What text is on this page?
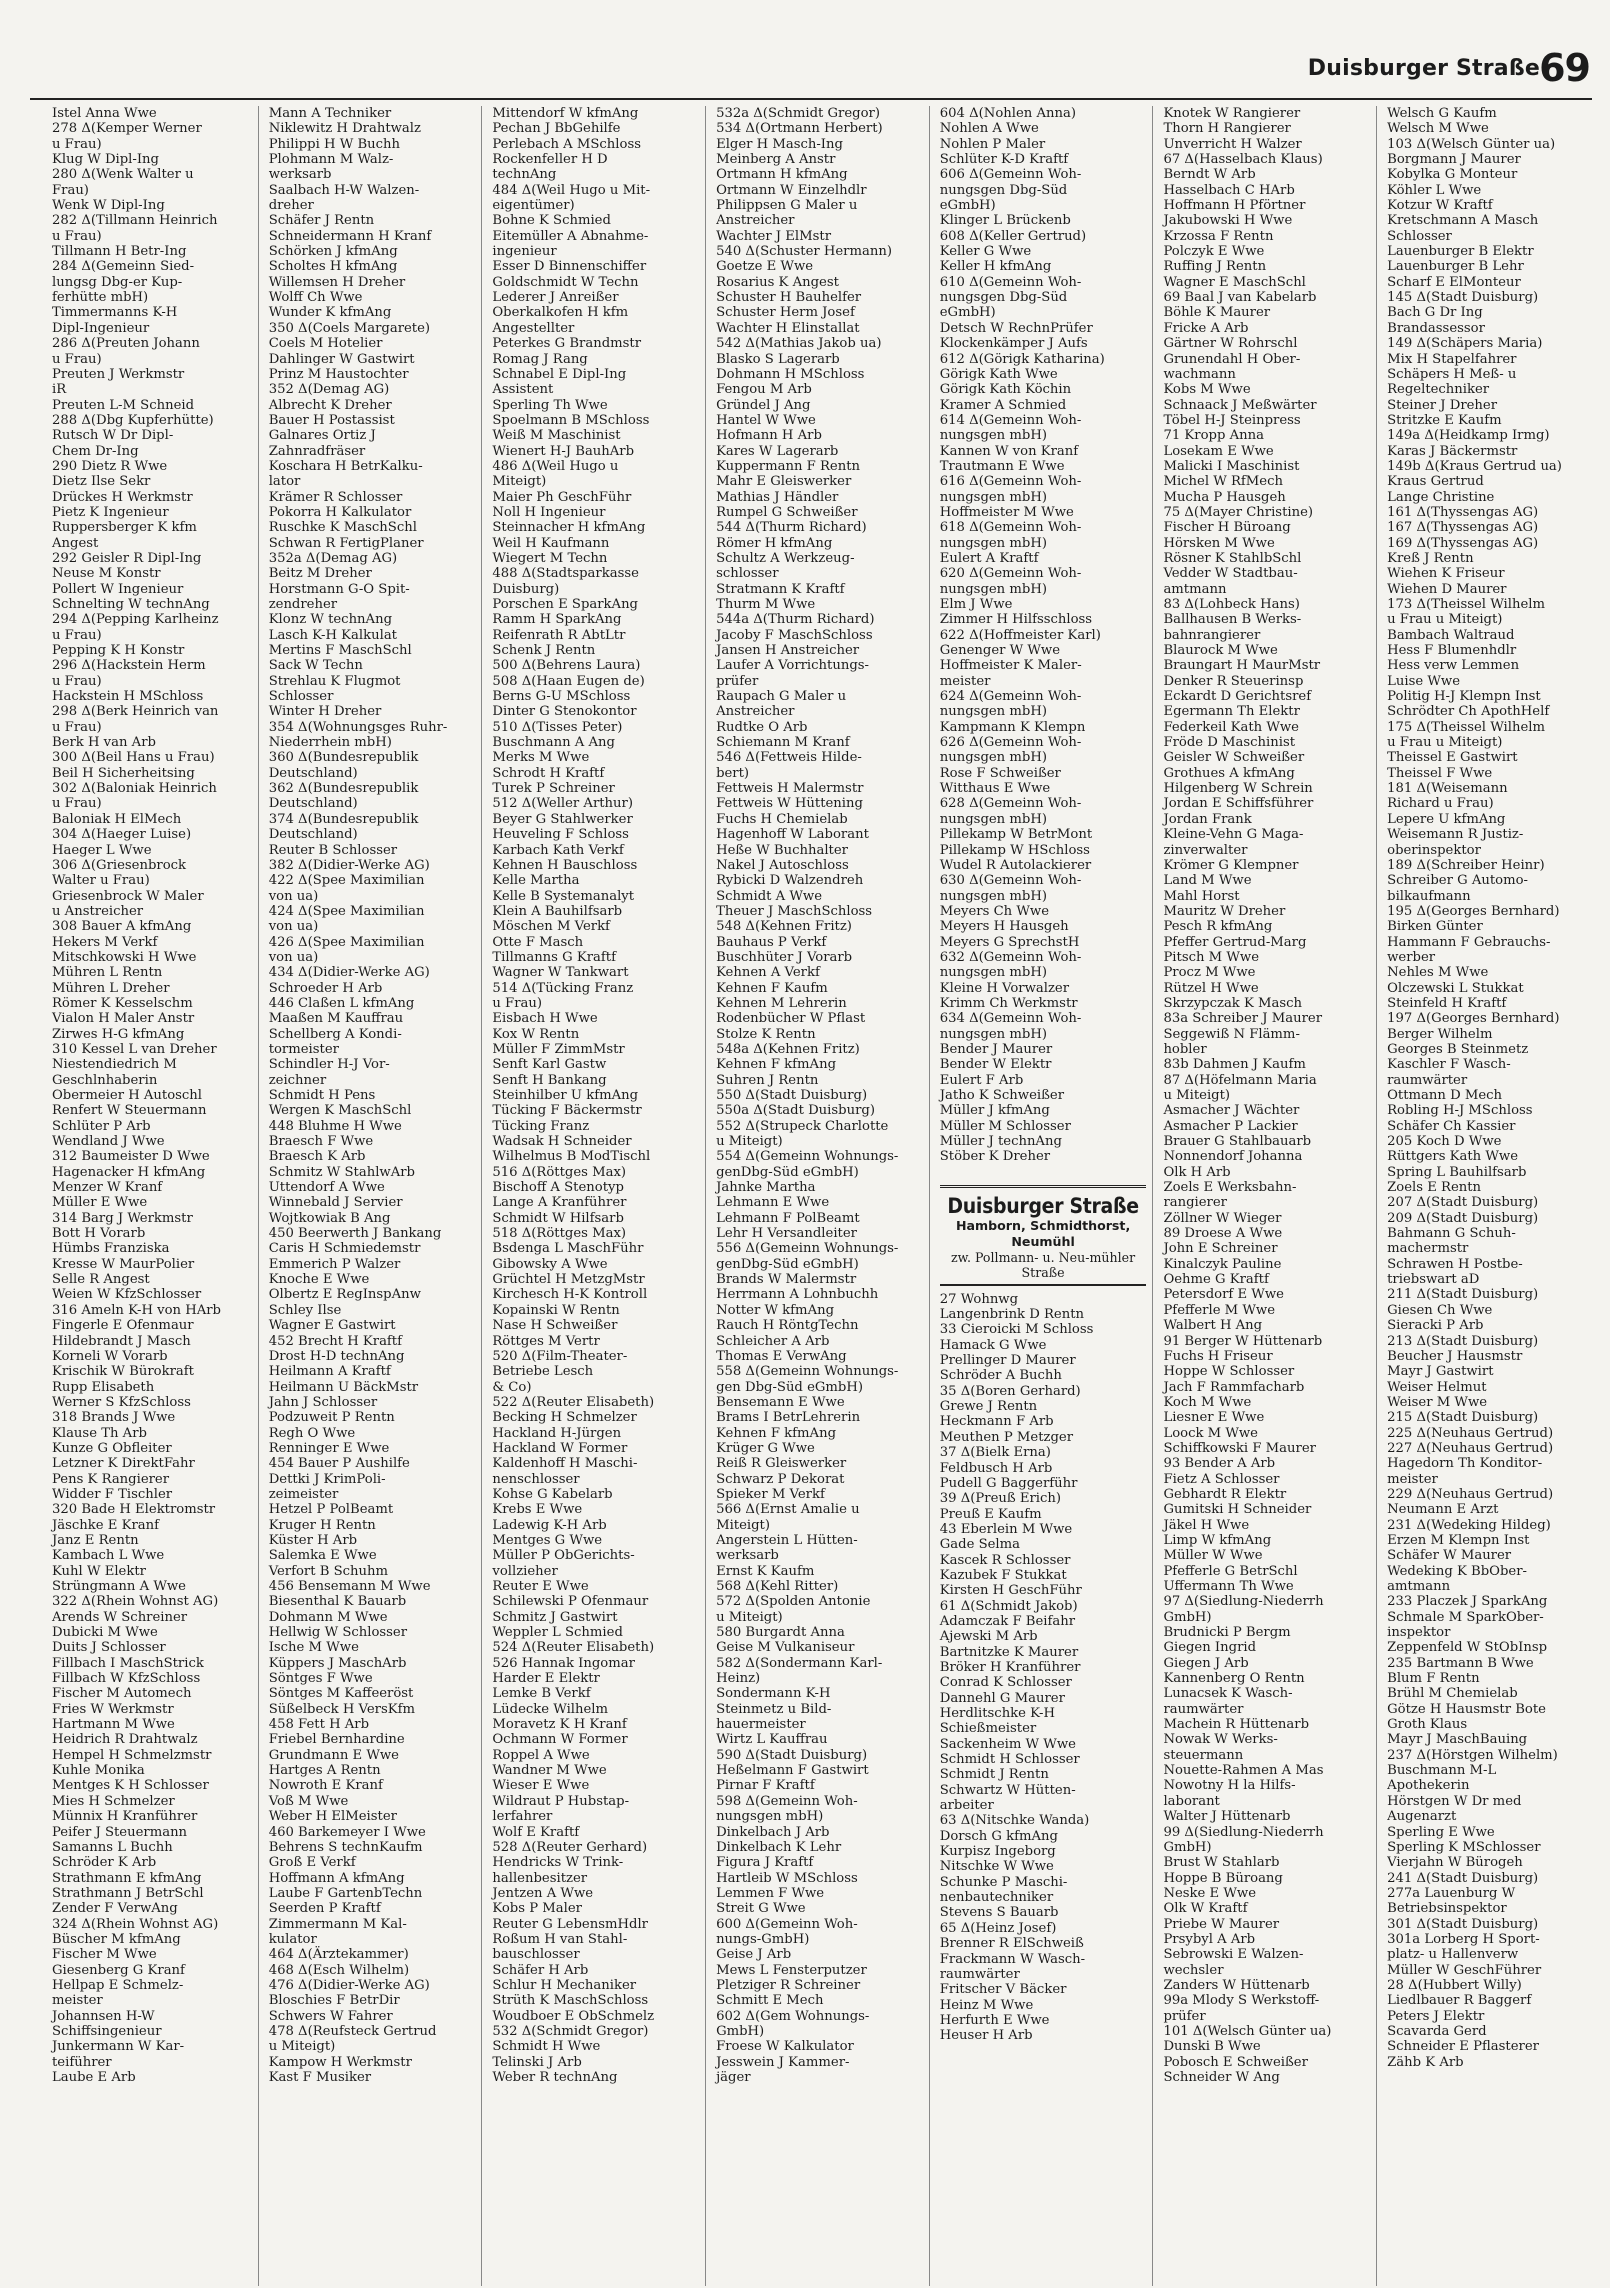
Duisburger Straße 69
Istel Anna Wwe
278 Δ(Kemper Werner
u Frau)
Klug W Dipl-Ing
280 Δ(Wenk Walter u
Frau)
Wenk W Dipl-Ing
282 Δ(Tillmann Heinrich
u Frau)
Tillmann H Betr-Ing
284 Δ(Gemeinn Sied-
lungsg Dbg-er Kup-
ferhütte mbH)
Timmermanns K-H
Dipl-Ingenieur
286 Δ(Preuten Johann
u Frau)
Preuten J Werkmstr
iR
Preuten L-M Schneid
288 Δ(Dbg Kupferhütte)
Rutsch W Dr Dipl-
Chem Dr-Ing
290 Dietz R Wwe
Dietz Ilse Sekr
Drückes H Werkmstr
Pietz K Ingenieur
Ruppersberger K kfm
Angest
292 Geisler R Dipl-Ing
Neuse M Konstr
Pollert W Ingenieur
Schnelting W technAng
294 Δ(Pepping Karlheinz
u Frau)
Pepping K H Konstr
296 Δ(Hackstein Herm
u Frau)
Hackstein H MSchloss
298 Δ(Berk Heinrich van
u Frau)
Berk H van Arb
300 Δ(Beil Hans u Frau)
Beil H Sicherheitsing
302 Δ(Baloniak Heinrich
u Frau)
Baloniak H ElMech
304 Δ(Haeger Luise)
Haeger L Wwe
306 Δ(Griesenbrock
Walter u Frau)
Griesenbrock W Maler
u Anstreicher
308 Bauer A kfmAng
Hekers M Verkf
Mitschkowski H Wwe
Mühren L Rentn
Mühren L Dreher
Römer K Kesselschm
Vialon H Maler Anstr
Zirwes H-G kfmAng
310 Kessel L van Dreher
Niestendiedrich M
Geschlnhaberin
Obermeier H Autoschl
Renfert W Steuermann
Schlüter P Arb
Wendland J Wwe
312 Baumeister D Wwe
Hagenacker H kfmAng
Menzer W Kranf
Müller E Wwe
314 Barg J Werkmstr
Bott H Vorarb
Hümbs Franziska
Kresse W MaurPolier
Selle R Angest
Weien W KfzSchlosser
316 Ameln K-H von HArb
Fingerle E Ofenmaur
Hildebrandt J Masch
Korneli W Vorarb
Krischik W Bürokraft
Rupp Elisabeth
Werner S KfzSchloss
318 Brands J Wwe
Klause Th Arb
Kunze G Obfleiter
Letzner K DirektFahr
Pens K Rangierer
Widder F Tischler
320 Bade H Elektromstr
Jäschke E Kranf
Janz E Rentn
Kambach L Wwe
Kuhl W Elektr
Strüngmann A Wwe
322 Δ(Rhein Wohnst AG)
Arends W Schreiner
Dubicki M Wwe
Duits J Schlosser
Fillbach I MaschStrick
Fillbach W KfzSchloss
Fischer M Automech
Fries W Werkmstr
Hartmann M Wwe
Heidrich R Drahtwalz
Hempel H Schmelzmstr
Kuhle Monika
Mentges K H Schlosser
Mies H Schmelzer
Münnix H Kranführer
Peifer J Steuermann
Samanns L Buchh
Schröder K Arb
Strathmann E kfmAng
Strathmann J BetrSchl
Zender F VerwAng
324 Δ(Rhein Wohnst AG)
Büscher M kfmAng
Fischer M Wwe
Giesenberg G Kranf
Hellpap E Schmelz-
meister
Johannsen H-W
Schiffsingenieur
Junkermann W Kar-
teiführer
Laube E Arb
Mann A Techniker
Niklewitz H Drahtwalz
Philippi H W Buchh
Plohmann M Walz-
werksarb
Saalbach H-W Walzen-
dreher
Schäfer J Rentn
Schneidermann H Kranf
Schörken J kfmAng
Scholtes H kfmAng
Willemsen H Dreher
Wolff Ch Wwe
Wunder K kfmAng
350 Δ(Coels Margarete)
Coels M Hotelier
Dahlinger W Gastwirt
Prinz M Haustochter
352 Δ(Demag AG)
Albrecht K Dreher
Bauer H Postassist
Galnares Ortiz J
Zahnradfräser
Koschara H BetrKalku-
lator
Krämer R Schlosser
Pokorra H Kalkulator
Ruschke K MaschSchl
Schwan R FertigPlaner
352a Δ(Demag AG)
Beitz M Dreher
Horstmann G-O Spit-
zendreher
Klonz W technAng
Lasch K-H Kalkulat
Mertins F MaschSchl
Sack W Techn
Strehlau K Flugmot
Schlosser
Winter H Dreher
354 Δ(Wohnungsges Ruhr-
Niederrhein mbH)
360 Δ(Bundesrepublik
Deutschland)
362 Δ(Bundesrepublik
Deutschland)
374 Δ(Bundesrepublik
Deutschland)
Reuter B Schlosser
382 Δ(Didier-Werke AG)
422 Δ(Spee Maximilian
von ua)
424 Δ(Spee Maximilian
von ua)
426 Δ(Spee Maximilian
von ua)
434 Δ(Didier-Werke AG)
Schroeder H Arb
446 Claßen L kfmAng
Maaßen M Kauffrau
Schellberg A Kondi-
tormeister
Schindler H-J Vor-
zeichner
Schmidt H Pens
Wergen K MaschSchl
448 Bluhme H Wwe
Braesch F Wwe
Braesch K Arb
Schmitz W StahlwArb
Uttendorf A Wwe
Winnebald J Servier
Wojtkowiak B Ang
450 Beerwerth J Bankang
Caris H Schmiedemstr
Emmerich P Walzer
Knoche E Wwe
Olbertz E RegInspAnw
Schley Ilse
Wagner E Gastwirt
452 Brecht H Kraftf
Drost H-D technAng
Heilmann A Kraftf
Heilmann U BäckMstr
Jahn J Schlosser
Podzuweit P Rentn
Regh O Wwe
Renninger E Wwe
454 Bauer P Aushilfe
Dettki J KrimPoli-
zeimeister
Hetzel P PolBeamt
Kruger H Rentn
Küster H Arb
Salemka E Wwe
Verfort B Schuhm
456 Bensemann M Wwe
Biesenthal K Bauarb
Dohmann M Wwe
Hellwig W Schlosser
Ische M Wwe
Küppers J MaschArb
Söntges F Wwe
Söntges M Kaffeeröst
Süßelbeck H VersKfm
458 Fett H Arb
Friebel Bernhardine
Grundmann E Wwe
Hartges A Rentn
Nowroth E Kranf
Voß M Wwe
Weber H ElMeister
460 Barkemeyer I Wwe
Behrens S technKaufm
Groß E Verkf
Hoffmann A kfmAng
Laube F GartenbTechn
Seerden P Kraftf
Zimmermann M Kal-
kulator
464 Δ(Ärztekammer)
468 Δ(Esch Wilhelm)
476 Δ(Didier-Werke AG)
Bloschies F BetrDir
Schwers W Fahrer
478 Δ(Reufsteck Gertrud
u Miteigt)
Kampow H Werkmstr
Kast F Musiker
Mittendorf W kfmAng
Pechan J BbGehilfe
Perlebach A MSchloss
Rockenfeller H D
technAng
484 Δ(Weil Hugo u Mit-
eigentümer)
Bohne K Schmied
Eitemüller A Abnahme-
ingenieur
Esser D Binnenschiffer
Goldschmidt W Techn
Lederer J Anreißer
Oberkalkofen H kfm
Angestellter
Peterkes G Brandmstr
Romag J Rang
Schnabel E Dipl-Ing
Assistent
Sperling Th Wwe
Spoelmann B MSchloss
Weiß M Maschinist
Wienert H-J BauhArb
486 Δ(Weil Hugo u
Miteigt)
Maier Ph GeschFühr
Noll H Ingenieur
Steinnacher H kfmAng
Weil H Kaufmann
Wiegert M Techn
488 Δ(Stadtsparkasse
Duisburg)
Porschen E SparkAng
Ramm H SparkAng
Reifenrath R AbtLtr
Schenk J Rentn
500 Δ(Behrens Laura)
508 Δ(Haan Eugen de)
Berns G-U MSchloss
Dinter G Stenokontor
510 Δ(Tisses Peter)
Buschmann A Ang
Merks M Wwe
Schrodt H Kraftf
Turek P Schreiner
512 Δ(Weller Arthur)
Beyer G Stahlwerker
Heuveling F Schloss
Karbach Kath Verkf
Kehnen H Bauschloss
Kelle Martha
Kelle B Systemanalyt
Klein A Bauhilfsarb
Möschen M Verkf
Otte F Masch
Tillmanns G Kraftf
Wagner W Tankwart
514 Δ(Tücking Franz
u Frau)
Eisbach H Wwe
Kox W Rentn
Müller F ZimmMstr
Senft Karl Gastw
Senft H Bankang
Steinhilber U kfmAng
Tücking F Bäckermstr
Tücking Franz
Wadsak H Schneider
Wilhelmus B ModTischl
516 Δ(Röttges Max)
Bischoff A Stenotyp
Lange A Kranführer
Schmidt W Hilfsarb
518 Δ(Röttges Max)
Bsdenga L MaschFühr
Gibowsky A Wwe
Grüchtel H MetzgMstr
Kirchesch H-K Kontroll
Kopainski W Rentn
Nase H Schweißer
Röttges M Vertr
520 Δ(Film-Theater-
Betriebe Lesch
& Co)
522 Δ(Reuter Elisabeth)
Becking H Schmelzer
Hackland H-Jürgen
Hackland W Former
Kaldenhoff H Maschi-
nenschlosser
Kohse G Kabelarb
Krebs E Wwe
Ladewig K-H Arb
Mentges G Wwe
Müller P ObGerichts-
vollzieher
Reuter E Wwe
Schilewski P Ofenmaur
Schmitz J Gastwirt
Weppler L Schmied
524 Δ(Reuter Elisabeth)
526 Hannak Ingomar
Harder E Elektr
Lemke B Verkf
Lüdecke Wilhelm
Moravetz K H Kranf
Ochmann W Former
Roppel A Wwe
Wandner M Wwe
Wieser E Wwe
Wildraut P Hubstap-
lerfahrer
Wolf E Kraftf
528 Δ(Reuter Gerhard)
Hendricks W Trink-
hallenbesitzer
Jentzen A Wwe
Kobs P Maler
Reuter G LebensmHdlr
Roßum H van Stahl-
bauschlosser
Schäfer H Arb
Schlur H Mechaniker
Strüth K MaschSchloss
Woudboer E ObSchmelz
532 Δ(Schmidt Gregor)
Schmidt H Wwe
Telinski J Arb
Weber R technAng
532a Δ(Schmidt Gregor)
534 Δ(Ortmann Herbert)
Elger H Masch-Ing
Meinberg A Anstr
Ortmann H kfmAng
Ortmann W Einzelhdlr
Philippsen G Maler u
Anstreicher
Wachter J ElMstr
540 Δ(Schuster Hermann)
Goetze E Wwe
Rosarius K Angest
Schuster H Bauhelfer
Schuster Herm Josef
Wachter H Elinstallat
542 Δ(Mathias Jakob ua)
Blasko S Lagerarb
Dohmann H MSchloss
Fengou M Arb
Gründel J Ang
Hantel W Wwe
Hofmann H Arb
Kares W Lagerarb
Kuppermann F Rentn
Mahr E Gleiswerker
Mathias J Händler
Rumpel G Schweißer
544 Δ(Thurm Richard)
Römer H kfmAng
Schultz A Werkzeug-
schlosser
Stratmann K Kraftf
Thurm M Wwe
544a Δ(Thurm Richard)
Jacoby F MaschSchloss
Jansen H Anstreicher
Laufer A Vorrichtungs-
prüfer
Raupach G Maler u
Anstreicher
Rudtke O Arb
Schiemann M Kranf
546 Δ(Fettweis Hilde-
bert)
Fettweis H Malermstr
Fettweis W Hüttening
Fuchs H Chemielab
Hagenhoff W Laborant
Heße W Buchhalter
Nakel J Autoschloss
Rybicki D Walzendreh
Schmidt A Wwe
Theuer J MaschSchloss
548 Δ(Kehnen Fritz)
Bauhaus P Verkf
Buschhüter J Vorarb
Kehnen A Verkf
Kehnen F Kaufm
Kehnen M Lehrerin
Rodenbücher W Pflast
Stolze K Rentn
548a Δ(Kehnen Fritz)
Kehnen F kfmAng
Suhren J Rentn
550 Δ(Stadt Duisburg)
550a Δ(Stadt Duisburg)
552 Δ(Strupeck Charlotte
u Miteigt)
554 Δ(Gemeinn Wohnungs-
genDbg-Süd eGmbH)
Jahnke Martha
Lehmann E Wwe
Lehmann F PolBeamt
Lehr H Versandleiter
556 Δ(Gemeinn Wohnungs-
genDbg-Süd eGmbH)
Brands W Malermstr
Herrmann A Lohnbuchh
Notter W kfmAng
Rauch H RöntgTechn
Schleicher A Arb
Thomas E VerwAng
558 Δ(Gemeinn Wohnungs-
gen Dbg-Süd eGmbH)
Bensemann E Wwe
Brams I BetrLehrerin
Kehnen F kfmAng
Krüger G Wwe
Reiß R Gleiswerker
Schwarz P Dekorat
Spieker M Verkf
566 Δ(Ernst Amalie u
Miteigt)
Angerstein L Hütten-
werksarb
Ernst K Kaufm
568 Δ(Kehl Ritter)
572 Δ(Spolden Antonie
u Miteigt)
580 Burgardt Anna
Geise M Vulkaniseur
582 Δ(Sondermann Karl-
Heinz)
Sondermann K-H
Steinmetz u Bild-
hauermeister
Wirtz L Kauffrau
590 Δ(Stadt Duisburg)
Heßelmann F Gastwirt
Pirnar F Kraftf
598 Δ(Gemeinn Woh-
nungsgen mbH)
Dinkelbach J Arb
Dinkelbach K Lehr
Figura J Kraftf
Hartleib W MSchloss
Lemmen F Wwe
Streit G Wwe
600 Δ(Gemeinn Woh-
nungs-GmbH)
Geise J Arb
Mews L Fensterputzer
Pletziger R Schreiner
Schmitt E Mech
602 Δ(Gem Wohnungs-
GmbH)
Froese W Kalkulator
Jesswein J Kammer-
jäger
604 Δ(Nohlen Anna)
Nohlen A Wwe
Nohlen P Maler
Schlüter K-D Kraftf
606 Δ(Gemeinn Woh-
nungsgen Dbg-Süd
eGmbH)
Klinger L Brückenb
608 Δ(Keller Gertrud)
Keller G Wwe
Keller H kfmAng
610 Δ(Gemeinn Woh-
nungsgen Dbg-Süd
eGmbH)
Detsch W RechnPrüfer
Klockenkämper J Aufs
612 Δ(Görigk Katharina)
Görigk Kath Wwe
Görigk Kath Köchin
Kramer A Schmied
614 Δ(Gemeinn Woh-
nungsgen mbH)
Kannen W von Kranf
Trautmann E Wwe
616 Δ(Gemeinn Woh-
nungsgen mbH)
Hoffmeister M Wwe
618 Δ(Gemeinn Woh-
nungsgen mbH)
Eulert A Kraftf
620 Δ(Gemeinn Woh-
nungsgen mbH)
Elm J Wwe
Zimmer H Hilfsschloss
622 Δ(Hoffmeister Karl)
Genenger W Wwe
Hoffmeister K Maler-
meister
624 Δ(Gemeinn Woh-
nungsgen mbH)
Kampmann K Klempn
626 Δ(Gemeinn Woh-
nungsgen mbH)
Rose F Schweißer
Witthaus E Wwe
628 Δ(Gemeinn Woh-
nungsgen mbH)
Pillekamp W BetrMont
Pillekamp W HSchloss
Wudel R Autolackierer
630 Δ(Gemeinn Woh-
nungsgen mbH)
Meyers Ch Wwe
Meyers H Hausgeh
Meyers G SprechstH
632 Δ(Gemeinn Woh-
nungsgen mbH)
Kleine H Vorwalzer
Krimm Ch Werkmstr
634 Δ(Gemeinn Woh-
nungsgen mbH)
Bender J Maurer
Bender W Elektr
Eulert F Arb
Jatho K Schweißer
Müller J kfmAng
Müller M Schlosser
Müller J technAng
Stöber K Dreher
Duisburger Straße
Hamborn, Schmidthorst, Neumühl
zw. Pollmann- u. Neu-mühler Straße
27 Wohnwg
Langenbrink D Rentn
33 Cieroicki M Schloss
Hamack G Wwe
Prellinger D Maurer
Schröder A Buchh
35 Δ(Boren Gerhard)
Grewe J Rentn
Heckmann F Arb
Meuthen P Metzger
37 Δ(Bielk Erna)
Feldbusch H Arb
Pudell G Baggerführ
39 Δ(Preuß Erich)
Preuß E Kaufm
43 Eberlein M Wwe
Gade Selma
Kascek R Schlosser
Kazubek F Stukkat
Kirsten H GeschFühr
61 Δ(Schmidt Jakob)
Adamczak F Beifahr
Ajewski M Arb
Bartnitzke K Maurer
Bröker H Kranführer
Conrad K Schlosser
Dannehl G Maurer
Herdlitschke K-H
Schießmeister
Sackenheim W Wwe
Schmidt H Schlosser
Schmidt J Rentn
Schwartz W Hütten-
arbeiter
63 Δ(Nitschke Wanda)
Dorsch G kfmAng
Kurpisz Ingeborg
Nitschke W Wwe
Schunke P Maschi-
nenbautechniker
Stevens S Bauarb
65 Δ(Heinz Josef)
Brenner R ElSchweiß
Frackmann W Wasch-
raumwärter
Fritscher V Bäcker
Heinz M Wwe
Herfurth E Wwe
Heuser H Arb
Knotek W Rangierer
Thorn H Rangierer
Unverricht H Walzer
67 Δ(Hasselbach Klaus)
Berndt W Arb
Hasselbach C HArb
Hoffmann H Pförtner
Jakubowski H Wwe
Krzossa F Rentn
Polczyk E Wwe
Ruffing J Rentn
Wagner E MaschSchl
69 Baal J van Kabelarb
Böhle K Maurer
Fricke A Arb
Gärtner W Rohrschl
Grunendahl H Ober-
wachmann
Kobs M Wwe
Schnaack J Meßwärter
Töbel H-J Steinpress
71 Kropp Anna
Losekam E Wwe
Malicki I Maschinist
Michel W RfMech
Mucha P Hausgeh
75 Δ(Mayer Christine)
Fischer H Büroang
Hörsken M Wwe
Rösner K StahlbSchl
Vedder W Stadtbau-
amtmann
83 Δ(Lohbeck Hans)
Ballhausen B Werks-
bahnrangierer
Blaurock M Wwe
Braungart H MaurMstr
Denker R Steuerinsp
Eckardt D Gerichtsref
Egermann Th Elektr
Federkeil Kath Wwe
Fröde D Maschinist
Geisler W Schweißer
Grothues A kfmAng
Hilgenberg W Schrein
Jordan E Schiffsführer
Jordan Frank
Kleine-Vehn G Maga-
zinverwalter
Krömer G Klempner
Land M Wwe
Mahl Horst
Mauritz W Dreher
Pesch R kfmAng
Pfeffer Gertrud-Marg
Pitsch M Wwe
Procz M Wwe
Rützel H Wwe
Skrzypczak K Masch
83a Schreiber J Maurer
Seggewiß N Flämm-
hobler
83b Dahmen J Kaufm
87 Δ(Höfelmann Maria
u Miteigt)
Asmacher J Wächter
Asmacher P Lackier
Brauer G Stahlbauarb
Nonnendorf Johanna
Olk H Arb
Zoels E Werksbahn-
rangierer
Zöllner W Wieger
89 Droese A Wwe
John E Schreiner
Kinalczyk Pauline
Oehme G Kraftf
Petersdorf E Wwe
Pfefferle M Wwe
Walbert H Ang
91 Berger W Hüttenarb
Fuchs H Friseur
Hoppe W Schlosser
Jach F Rammfacharb
Koch M Wwe
Liesner E Wwe
Loock M Wwe
Schiffkowski F Maurer
93 Bender A Arb
Fietz A Schlosser
Gebhardt R Elektr
Gumitski H Schneider
Jäkel H Wwe
Limp W kfmAng
Müller W Wwe
Pfefferle G BetrSchl
Uffermann Th Wwe
97 Δ(Siedlung-Niederrh
GmbH)
Brudnicki P Bergm
Giegen Ingrid
Giegen J Arb
Kannenberg O Rentn
Lunacsek K Wasch-
raumwärter
Machein R Hüttenarb
Nowak W Werks-
steuermann
Nouette-Rahmen A Mas
Nowotny H la Hilfs-
laborant
Walter J Hüttenarb
99 Δ(Siedlung-Niederrh
GmbH)
Brust W Stahlarb
Hoppe B Büroang
Neske E Wwe
Olk W Kraftf
Priebe W Maurer
Prsybyl A Arb
Sebrowski E Walzen-
wechsler
Zanders W Hüttenarb
99a Mlody S Werkstoff-
prüfer
101 Δ(Welsch Günter ua)
Dunski B Wwe
Pobosch E Schweißer
Schneider W Ang
Welsch G Kaufm
Welsch M Wwe
103 Δ(Welsch Günter ua)
Borgmann J Maurer
Kobylka G Monteur
Köhler L Wwe
Kotzur W Kraftf
Kretschmann A Masch
Schlosser
Lauenburger B Elektr
Lauenburger B Lehr
Scharf E ElMonteur
145 Δ(Stadt Duisburg)
Bach G Dr Ing
Brandassessor
149 Δ(Schäpers Maria)
Mix H Stapelfahrer
Schäpers H Meß- u
Regeltechniker
Steiner J Dreher
Stritzke E Kaufm
149a Δ(Heidkamp Irmg)
Karas J Bäckermstr
149b Δ(Kraus Gertrud ua)
Kraus Gertrud
Lange Christine
161 Δ(Thyssengas AG)
167 Δ(Thyssengas AG)
169 Δ(Thyssengas AG)
Kreß J Rentn
Wiehen K Friseur
Wiehen D Maurer
173 Δ(Theissel Wilhelm
u Frau u Miteigt)
Bambach Waltraud
Hess F Blumenhdlr
Hess verw Lemmen
Luise Wwe
Politig H-J Klempn Inst
Schrödter Ch ApothHelf
175 Δ(Theissel Wilhelm
u Frau u Miteigt)
Theissel E Gastwirt
Theissel F Wwe
181 Δ(Weisemann
Richard u Frau)
Lepere U kfmAng
Weisemann R Justiz-
oberinspektor
189 Δ(Schreiber Heinr)
Schreiber G Automo-
bilkaufmann
195 Δ(Georges Bernhard)
Birken Günter
Hammann F Gebrauchs-
werber
Nehles M Wwe
Olczewski L Stukkat
Steinfeld H Kraftf
197 Δ(Georges Bernhard)
Berger Wilhelm
Georges B Steinmetz
Kaschler F Wasch-
raumwärter
Ottmann D Mech
Robling H-J MSchloss
Schäfer Ch Kassier
205 Koch D Wwe
Rüttgers Kath Wwe
Spring L Bauhilfsarb
Zoels E Rentn
207 Δ(Stadt Duisburg)
209 Δ(Stadt Duisburg)
Bahmann G Schuh-
machermstr
Schrawen H Postbe-
triebswart aD
211 Δ(Stadt Duisburg)
Giesen Ch Wwe
Sieracki P Arb
213 Δ(Stadt Duisburg)
Beucher J Hausmstr
Mayr J Gastwirt
Weiser Helmut
Weiser M Wwe
215 Δ(Stadt Duisburg)
225 Δ(Neuhaus Gertrud)
227 Δ(Neuhaus Gertrud)
Hagedorn Th Konditor-
meister
229 Δ(Neuhaus Gertrud)
Neumann E Arzt
231 Δ(Wedeking Hildeg)
Erzen M Klempn Inst
Schäfer W Maurer
Wedeking K BbOber-
amtmann
233 Placzek J SparkAng
Schmale M SparkOber-
inspektor
Zeppenfeld W StObInsp
235 Bartmann B Wwe
Blum F Rentn
Brühl M Chemielab
Götze H Hausmstr Bote
Groth Klaus
Mayr J MaschBauing
237 Δ(Hörstgen Wilhelm)
Buschmann M-L
Apothekerin
Hörstgen W Dr med
Augenarzt
Sperling E Wwe
Sperling K MSchlosser
Vierjahn W Bürogeh
241 Δ(Stadt Duisburg)
277a Lauenburg W
Betriebsinspektor
301 Δ(Stadt Duisburg)
301a Lorberg H Sport-
platz- u Hallenverw
Müller W GeschFührer
28 Δ(Hubbert Willy)
Liedlbauer R Baggerf
Peters J Elektr
Scavarda Gerd
Schneider E Pflasterer
Zähb K Arb
